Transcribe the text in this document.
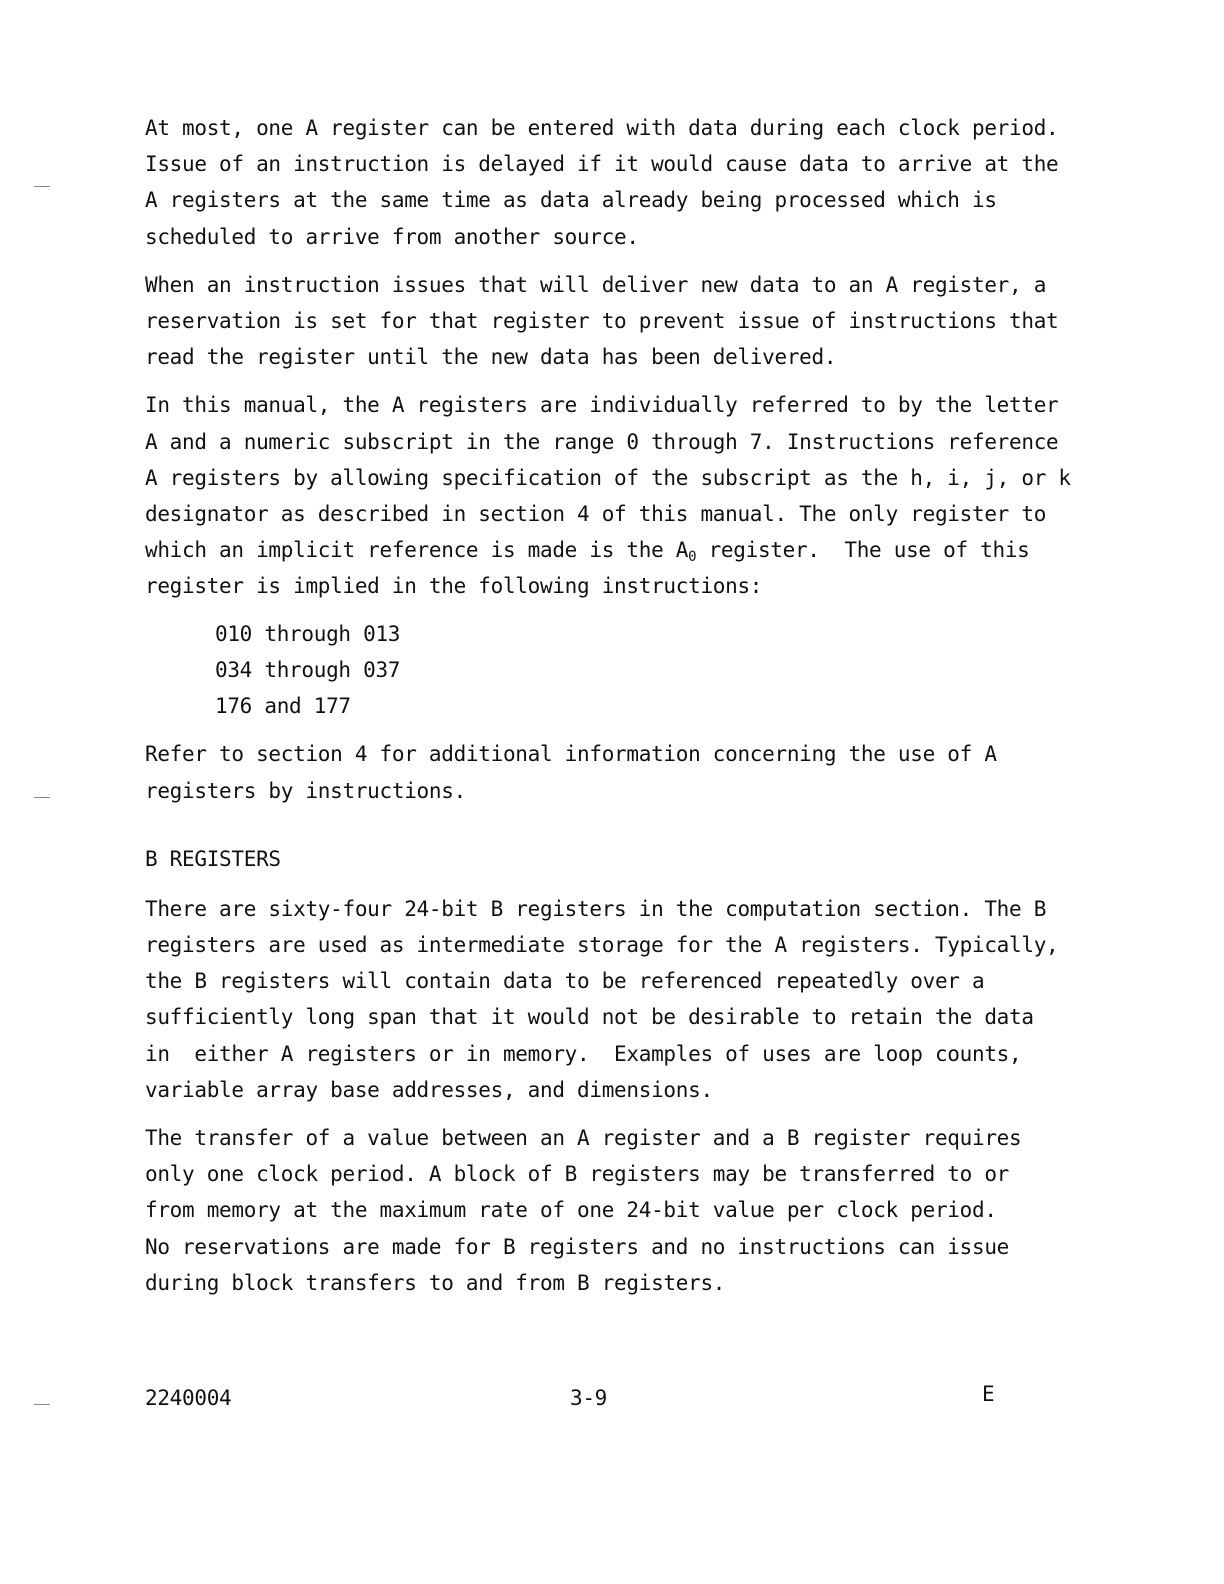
At most, one A register can be entered with data during each clock period.
Issue of an instruction is delayed if it would cause data to arrive at the
A registers at the same time as data already being processed which is
scheduled to arrive from another source.

When an instruction issues that will deliver new data to an A register, a
reservation is set for that register to prevent issue of instructions that
read the register until the new data has been delivered.

In this manual, the A registers are individually referred to by the letter
A and a numeric subscript in the range 0 through 7. Instructions reference
A registers by allowing specification of the subscript as the h, i, j, or k
designator as described in section 4 of this manual. The only register to
which an implicit reference is made is the $A_0$ register.  The use of this
register is implied in the following instructions:

010 through 013
034 through 037
176 and 177

Refer to section 4 for additional information concerning the use of A
registers by instructions.

B REGISTERS

There are sixty-four 24-bit B registers in the computation section. The B
registers are used as intermediate storage for the A registers. Typically,
the B registers will contain data to be referenced repeatedly over a
sufficiently long span that it would not be desirable to retain the data
in  either A registers or in memory.  Examples of uses are loop counts,
variable array base addresses, and dimensions.

The transfer of a value between an A register and a B register requires
only one clock period. A block of B registers may be transferred to or
from memory at the maximum rate of one 24-bit value per clock period.
No reservations are made for B registers and no instructions can issue
during block transfers to and from B registers.

2240004	3-9	E
